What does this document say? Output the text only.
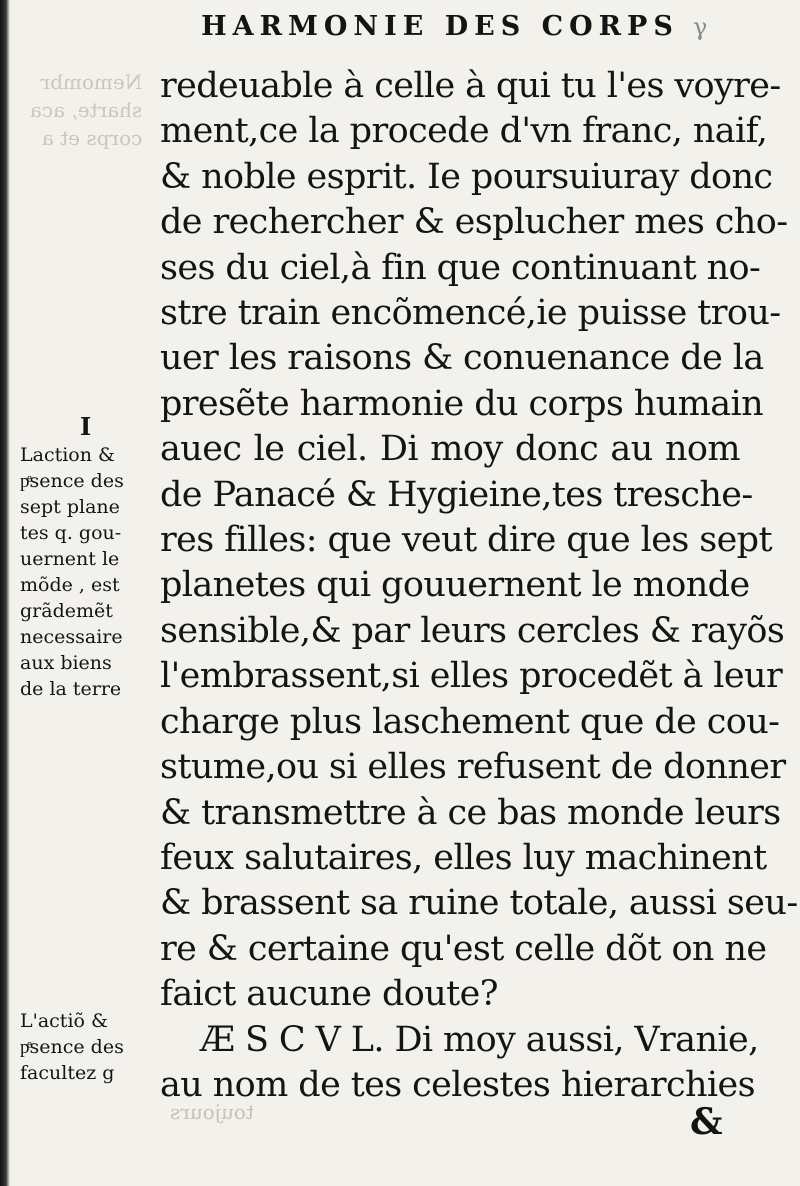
Nemombr
sharte, aca
corps et a
HARMONIE DES CORPS γ
redeuable à celle à qui tu l'es voyre-
ment,ce la procede d'vn franc, naif,
& noble esprit. Ie poursuiuray donc
de rechercher & esplucher mes cho-
ses du ciel,à fin que continuant no-
stre train encõmencé,ie puisse trou-
uer les raisons & conuenance de la
presẽte harmonie du corps humain
auec le ciel. Di moy donc au nom
de Panacé & Hygieine,tes tresche-
res filles: que veut dire que les sept
planetes qui gouuernent le monde
sensible,& par leurs cercles & rayõs
l'embrassent,si elles procedẽt à leur
charge plus laschement que de cou-
stume,ou si elles refusent de donner
& transmettre à ce bas monde leurs
feux salutaires, elles luy machinent
& brassent sa ruine totale, aussi seu-
re & certaine qu'est celle dõt on ne
faict aucune doute?
Æ S C V L. Di moy aussi, Vranie,
au nom de tes celestes hierarchies
I
Laction &
pͤsence des
sept plane
tes q. gou-
uernent le
mõde , est
grãdemẽt
necessaire
aux biens
de la terre
L'actiõ &
pͤsence des
facultez g
toujours	&
